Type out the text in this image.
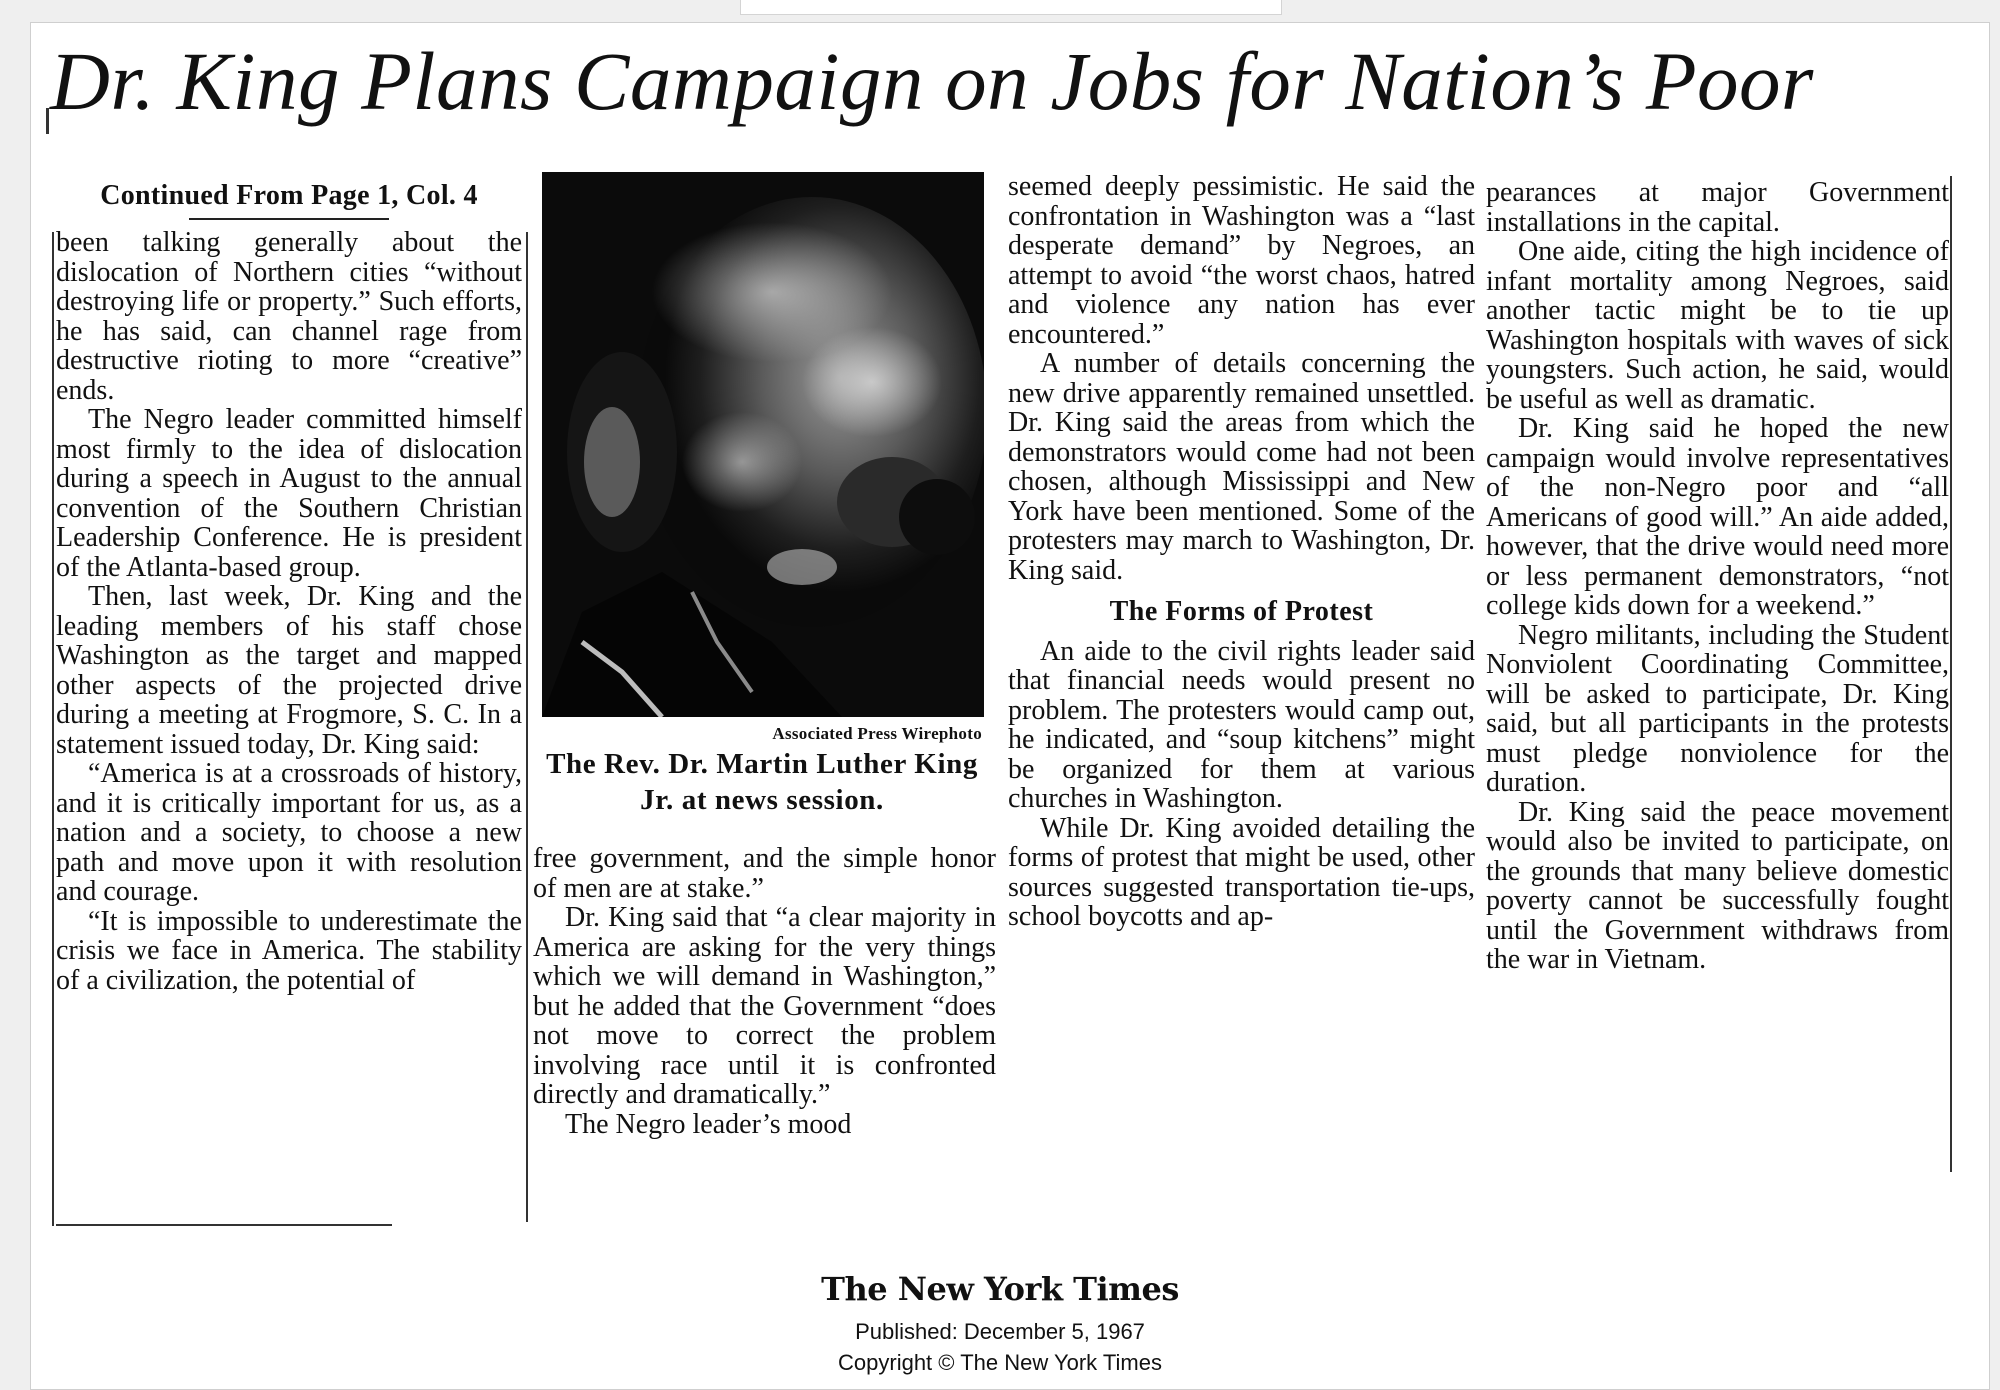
Dr. King Plans Campaign on Jobs for Nation’s Poor
Continued From Page 1, Col. 4

been talking generally about the dislocation of Northern cities “without destroying life or property.” Such efforts, he has said, can channel rage from destructive rioting to more “creative” ends.

The Negro leader committed himself most firmly to the idea of dislocation during a speech in August to the annual convention of the Southern Christian Leadership Conference. He is president of the Atlanta-based group.

Then, last week, Dr. King and the leading members of his staff chose Washington as the target and mapped other aspects of the projected drive during a meeting at Frogmore, S. C. In a statement issued today, Dr. King said:

“America is at a crossroads of history, and it is critically important for us, as a nation and a society, to choose a new path and move upon it with resolution and courage.

“It is impossible to underestimate the crisis we face in America. The stability of a civilization, the potential of

Associated Press Wirephoto
The Rev. Dr. Martin Luther King Jr. at news session.

free government, and the simple honor of men are at stake.”

Dr. King said that “a clear majority in America are asking for the very things which we will demand in Washington,” but he added that the Government “does not move to correct the problem involving race until it is confronted directly and dramatically.”

The Negro leader’s mood

seemed deeply pessimistic. He said the confrontation in Washington was a “last desperate demand” by Negroes, an attempt to avoid “the worst chaos, hatred and violence any nation has ever encountered.”

A number of details concerning the new drive apparently remained unsettled. Dr. King said the areas from which the demonstrators would come had not been chosen, although Mississippi and New York have been mentioned. Some of the protesters may march to Washington, Dr. King said.

The Forms of Protest

An aide to the civil rights leader said that financial needs would present no problem. The protesters would camp out, he indicated, and “soup kitchens” might be organized for them at various churches in Washington.

While Dr. King avoided detailing the forms of protest that might be used, other sources suggested transportation tie-ups, school boycotts and ap-

pearances at major Government installations in the capital.

One aide, citing the high incidence of infant mortality among Negroes, said another tactic might be to tie up Washington hospitals with waves of sick youngsters. Such action, he said, would be useful as well as dramatic.

Dr. King said he hoped the new campaign would involve representatives of the non-Negro poor and “all Americans of good will.” An aide added, however, that the drive would need more or less permanent demonstrators, “not college kids down for a weekend.”

Negro militants, including the Student Nonviolent Coordinating Committee, will be asked to participate, Dr. King said, but all participants in the protests must pledge nonviolence for the duration.

Dr. King said the peace movement would also be invited to participate, on the grounds that many believe domestic poverty cannot be successfully fought until the Government withdraws from the war in Vietnam.

The New York Times
Published: December 5, 1967
Copyright © The New York Times
